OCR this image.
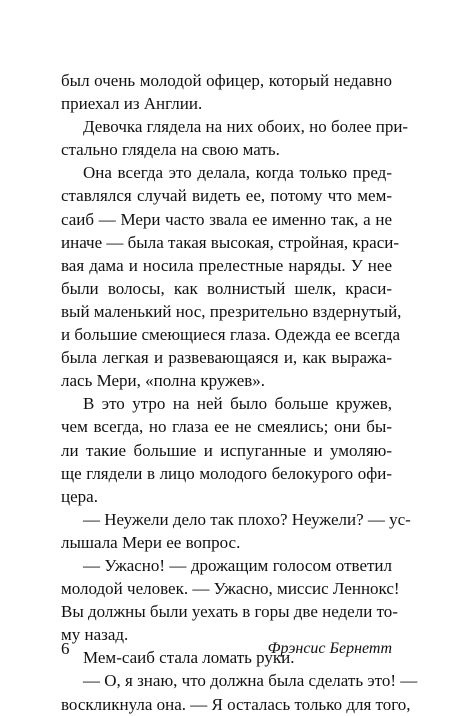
был очень молодой офицер, который недавно
приехал из Англии.
Девочка глядела на них обоих, но более при-
стально глядела на свою мать.
Она всегда это делала, когда только пред-
ставлялся случай видеть ее, потому что мем-
саиб — Мери часто звала ее именно так, а не
иначе — была такая высокая, стройная, краси-
вая дама и носила прелестные наряды. У нее
были волосы, как волнистый шелк, краси-
вый маленький нос, презрительно вздернутый,
и большие смеющиеся глаза. Одежда ее всегда
была легкая и развевающаяся и, как выража-
лась Мери, «полна кружев».
В это утро на ней было больше кружев,
чем всегда, но глаза ее не смеялись; они бы-
ли такие большие и испуганные и умоляю-
ще глядели в лицо молодого белокурого офи-
цера.
— Неужели дело так плохо? Неужели? — ус-
лышала Мери ее вопрос.
— Ужасно! — дрожащим голосом ответил
молодой человек. — Ужасно, миссис Леннокс!
Вы должны были уехать в горы две недели то-
му назад.
Мем-саиб стала ломать руки.
— О, я знаю, что должна была сделать это! —
воскликнула она. — Я осталась только для того,
6	Фрэнсис Бернетт
